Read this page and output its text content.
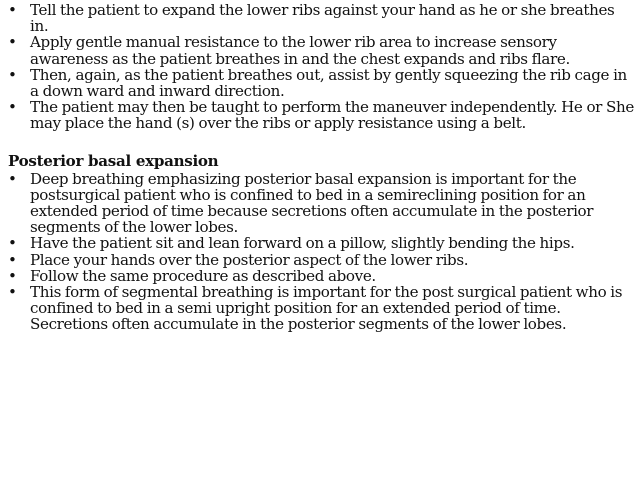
• Tell the patient to expand the lower ribs against your hand as he or she breathes in.
• Apply gentle manual resistance to the lower rib area to increase sensory awareness as the patient breathes in and the chest expands and ribs flare.
• Then, again, as the patient breathes out, assist by gently squeezing the rib cage in a down ward and inward direction.
• The patient may then be taught to perform the maneuver independently. He or She may place the hand (s) over the ribs or apply resistance using a belt.
Posterior basal expansion
• Deep breathing emphasizing posterior basal expansion is important for the postsurgical patient who is confined to bed in a semireclining position for an extended period of time because secretions often accumulate in the posterior segments of the lower lobes.
• Have the patient sit and lean forward on a pillow, slightly bending the hips.
• Place your hands over the posterior aspect of the lower ribs.
• Follow the same procedure as described above.
• This form of segmental breathing is important for the post surgical patient who is confined to bed in a semi upright position for an extended period of time. Secretions often accumulate in the posterior segments of the lower lobes.
